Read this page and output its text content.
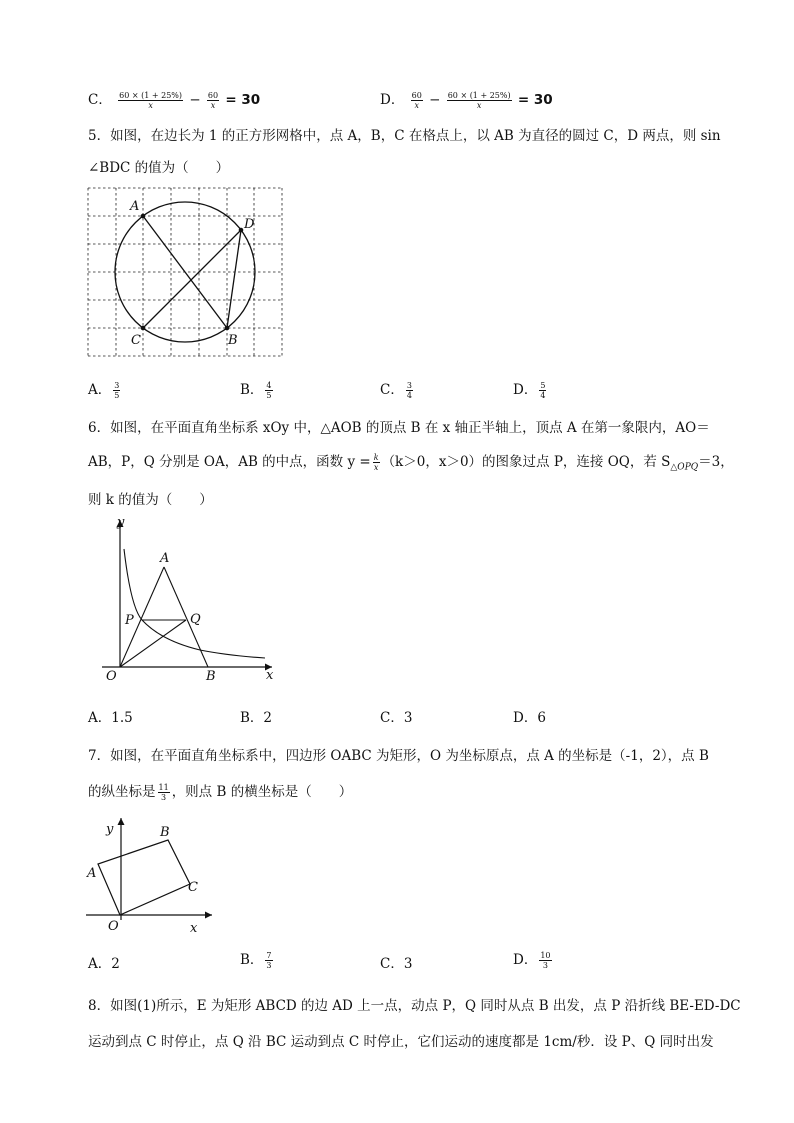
C． $\frac{60 \times (1 + 25\%)}{x} - \frac{60}{x} = 30$	D． $\frac{60}{x} - \frac{60 \times (1 + 25\%)}{x} = 30$
5．如图，在边长为 1 的正方形网格中，点 A，B，C 在格点上，以 AB 为直径的圆过 C，D 两点，则 sin
∠BDC 的值为（　　）
A
D
C	B
A． $\frac{3}{5}$	B． $\frac{4}{5}$	C． $\frac{3}{4}$	D． $\frac{5}{4}$
6．如图，在平面直角坐标系 xOy 中，△AOB 的顶点 B 在 x 轴正半轴上，顶点 A 在第一象限内，AO＝
AB，P，Q 分别是 OA，AB 的中点，函数 $y = \frac{k}{x} (k>0$，x＞0）的图象过点 P，连接 OQ，若 $S_{\triangle OPQ}=3$，
则 k 的值为（　　）
y
A
P	Q
O	B	x
A．1.5	B．2	C．3	D．6
7．如图，在平面直角坐标系中，四边形 OABC 为矩形，O 为坐标原点，点 A 的坐标是（-1，2），点 B
的纵坐标是 $\frac{11}{3}$ ，则点 B 的横坐标是（　　）
y	B
A
C
O	x
A．2	B． $\frac{7}{3}$	C．3	D． $\frac{10}{3}$
8．如图(1)所示，E 为矩形 ABCD 的边 AD 上一点，动点 P，Q 同时从点 B 出发，点 P 沿折线 BE-ED-DC
运动到点 C 时停止，点 Q 沿 BC 运动到点 C 时停止，它们运动的速度都是 1cm/秒．设 P、Q 同时出发
